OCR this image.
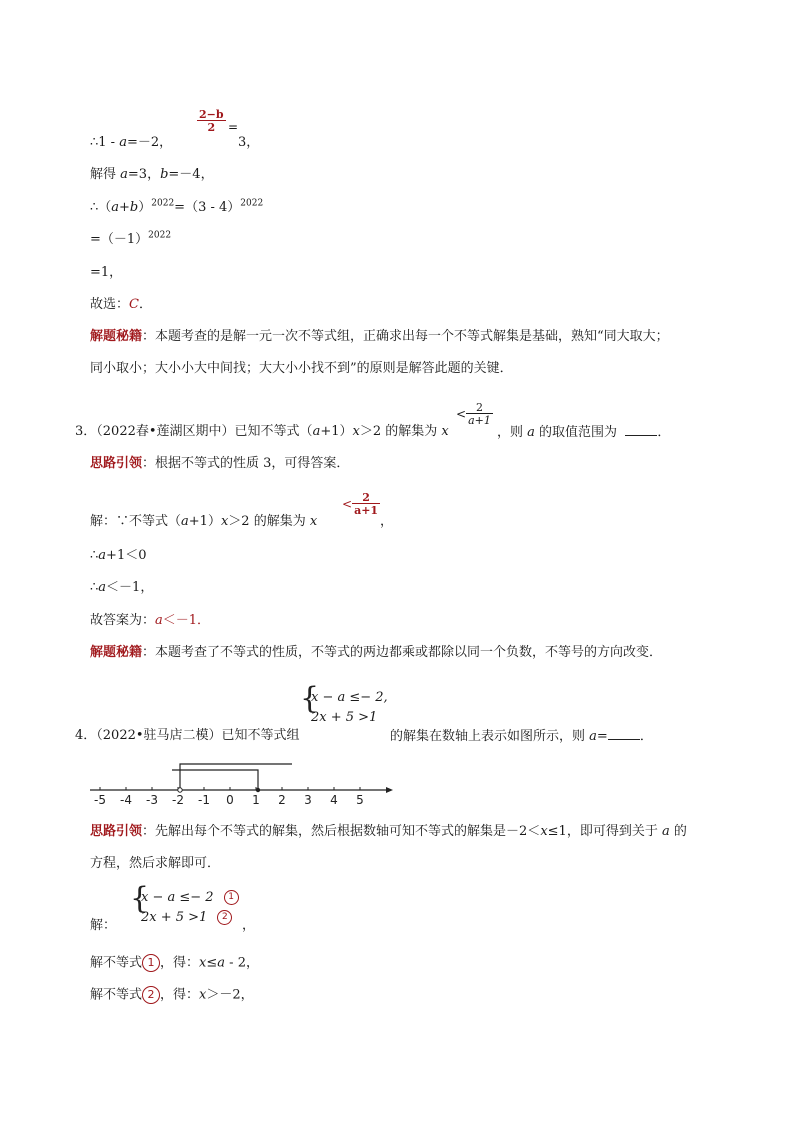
$\frac{2-b}{2}$ =
∴1 - a=－2，	3，
解得 a=3，b=－4，
$\therefore(a+b)^{2022}=(3 - 4)^{2022}$
$=(-1)^{2022}$
=1，
故选：C．
解题秘籍：本题考查的是解一元一次不等式组，正确求出每一个不等式解集是基础，熟知“同大取大；
同小取小；大小小大中间找；大大小小找不到”的原则是解答此题的关键．
3．（2022春•莲湖区期中）已知不等式（a+1）x＞2 的解集为 x
< $\frac{2}{a+1}$
，则 a 的取值范围为	．
思路引领：根据不等式的性质 3，可得答案．
解：∵不等式（a+1）x＞2 的解集为 x
< $\frac{2}{a+1}$
，
∴a+1＜0
∴a＜－1，
故答案为：a＜－1．
解题秘籍：本题考查了不等式的性质，不等式的两边都乘或都除以同一个负数，不等号的方向改变．
{
x − a ≤− 2,
2x + 5 >1
4．（2022•驻马店二模）已知不等式组	的解集在数轴上表示如图所示，则 a= ．
-5 -4 -3 -2 -1 0 1 2 3 4 5
思路引领：先解出每个不等式的解集，然后根据数轴可知不等式的解集是－2＜x≤1，即可得到关于 a 的
方程，然后求解即可．
解：
{
x − a ≤− 2 1
2x + 5 >1 2
，
解不等式 1 ，得：x≤a - 2，
解不等式 2 ，得：x＞－2，
